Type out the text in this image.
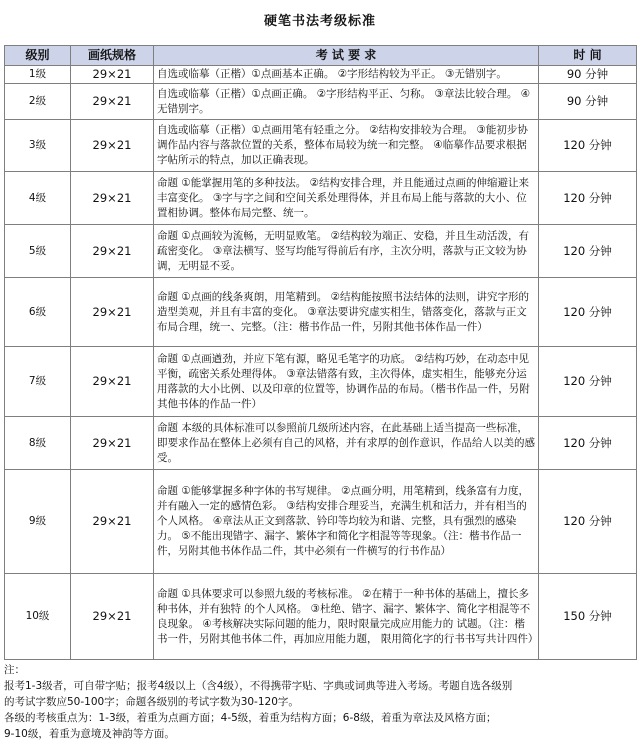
硬笔书法考级标准
级别	画纸规格	考 试 要 求	时 间
1级	29×21	自选或临摹（正楷）①点画基本正确。 ②字形结构较为平正。 ③无错别字。	90 分钟
2级	29×21	自选或临摹（正楷）①点画正确。 ②字形结构平正、匀称。 ③章法比较合理。 ④无错别字。	90 分钟
3级	29×21	自选或临摹（正楷）①点画用笔有轻重之分。 ②结构安排较为合理。 ③能初步协调作品内容与落款位置的关系，整体布局较为统一和完整。 ④临摹作品要求根据字帖所示的特点，加以正确表现。	120 分钟
4级	29×21	命题 ①能掌握用笔的多种技法。 ②结构安排合理，并且能通过点画的伸缩避让来丰富变化。 ③字与字之间和空间关系处理得体，并且布局上能与落款的大小、位置相协调。整体布局完整、统一。	120 分钟
5级	29×21	命题 ①点画较为流畅，无明显败笔。 ②结构较为端正、安稳，并且生动活泼，有疏密变化。 ③章法横写、竖写均能写得前后有序，主次分明，落款与正文较为协调，无明显不妥。	120 分钟
6级	29×21	命题 ①点画的线条爽朗，用笔精到。 ②结构能按照书法结体的法则，讲究字形的造型美观，并且有丰富的变化。 ③章法要讲究虚实相生，错落变化，落款与正文布局合理，统一、完整。（注：楷书作品一件，另附其他书体作品一件）	120 分钟
7级	29×21	命题 ①点画遒劲，并应下笔有源，略见毛笔字的功底。 ②结构巧妙，在动态中见平衡，疏密关系处理得体。 ③章法错落有致，主次得体，虚实相生，能够充分运用落款的大小比例、以及印章的位置等，协调作品的布局。（楷书作品一件，另附其他书体的作品一件）	120 分钟
8级	29×21	命题 本级的具体标准可以参照前几级所述内容，在此基础上适当提高一些标准，即要求作品在整体上必须有自己的风格，并有求厚的创作意识，作品给人以美的感受。	120 分钟
9级	29×21	命题 ①能够掌握多种字体的书写规律。 ②点画分明，用笔精到，线条富有力度，并有融入一定的感情色彩。 ③结构安排合理妥当，充满生机和活力，并有相当的个人风格。 ④章法从正文到落款、钤印等均较为和谐、完整，具有强烈的感染力。 ⑤不能出现错字、漏字、繁体字和简化字相混等等现象。（注：楷书作品一件，另附其他书体作品二件，其中必须有一件横写的行书作品）	120 分钟
10级	29×21	命题 ①具体要求可以参照九级的考核标准。 ②在精于一种书体的基础上，擅长多种书体，并有独特 的个人风格。 ③杜绝、错字、漏字、繁体字、简化字相混等不良现象。 ④考核解决实际问题的能力，限时限量完成应用能力的 试题。（注：楷书一件，另附其他书体二件，再加应用能力题， 限用简化字的行书书写共计四件）	150 分钟
注：
报考1-3级者，可自带字贴；报考4级以上（含4级），不得携带字贴、字典或词典等进入考场。考题自选各级别
的考试字数应50-100字；命题各级别的考试字数为30-120字。
各级的考核重点为：1-3级，着重为点画方面；4-5级，着重为结构方面；6-8级，着重为章法及风格方面；
9-10级，着重为意境及神韵等方面。
